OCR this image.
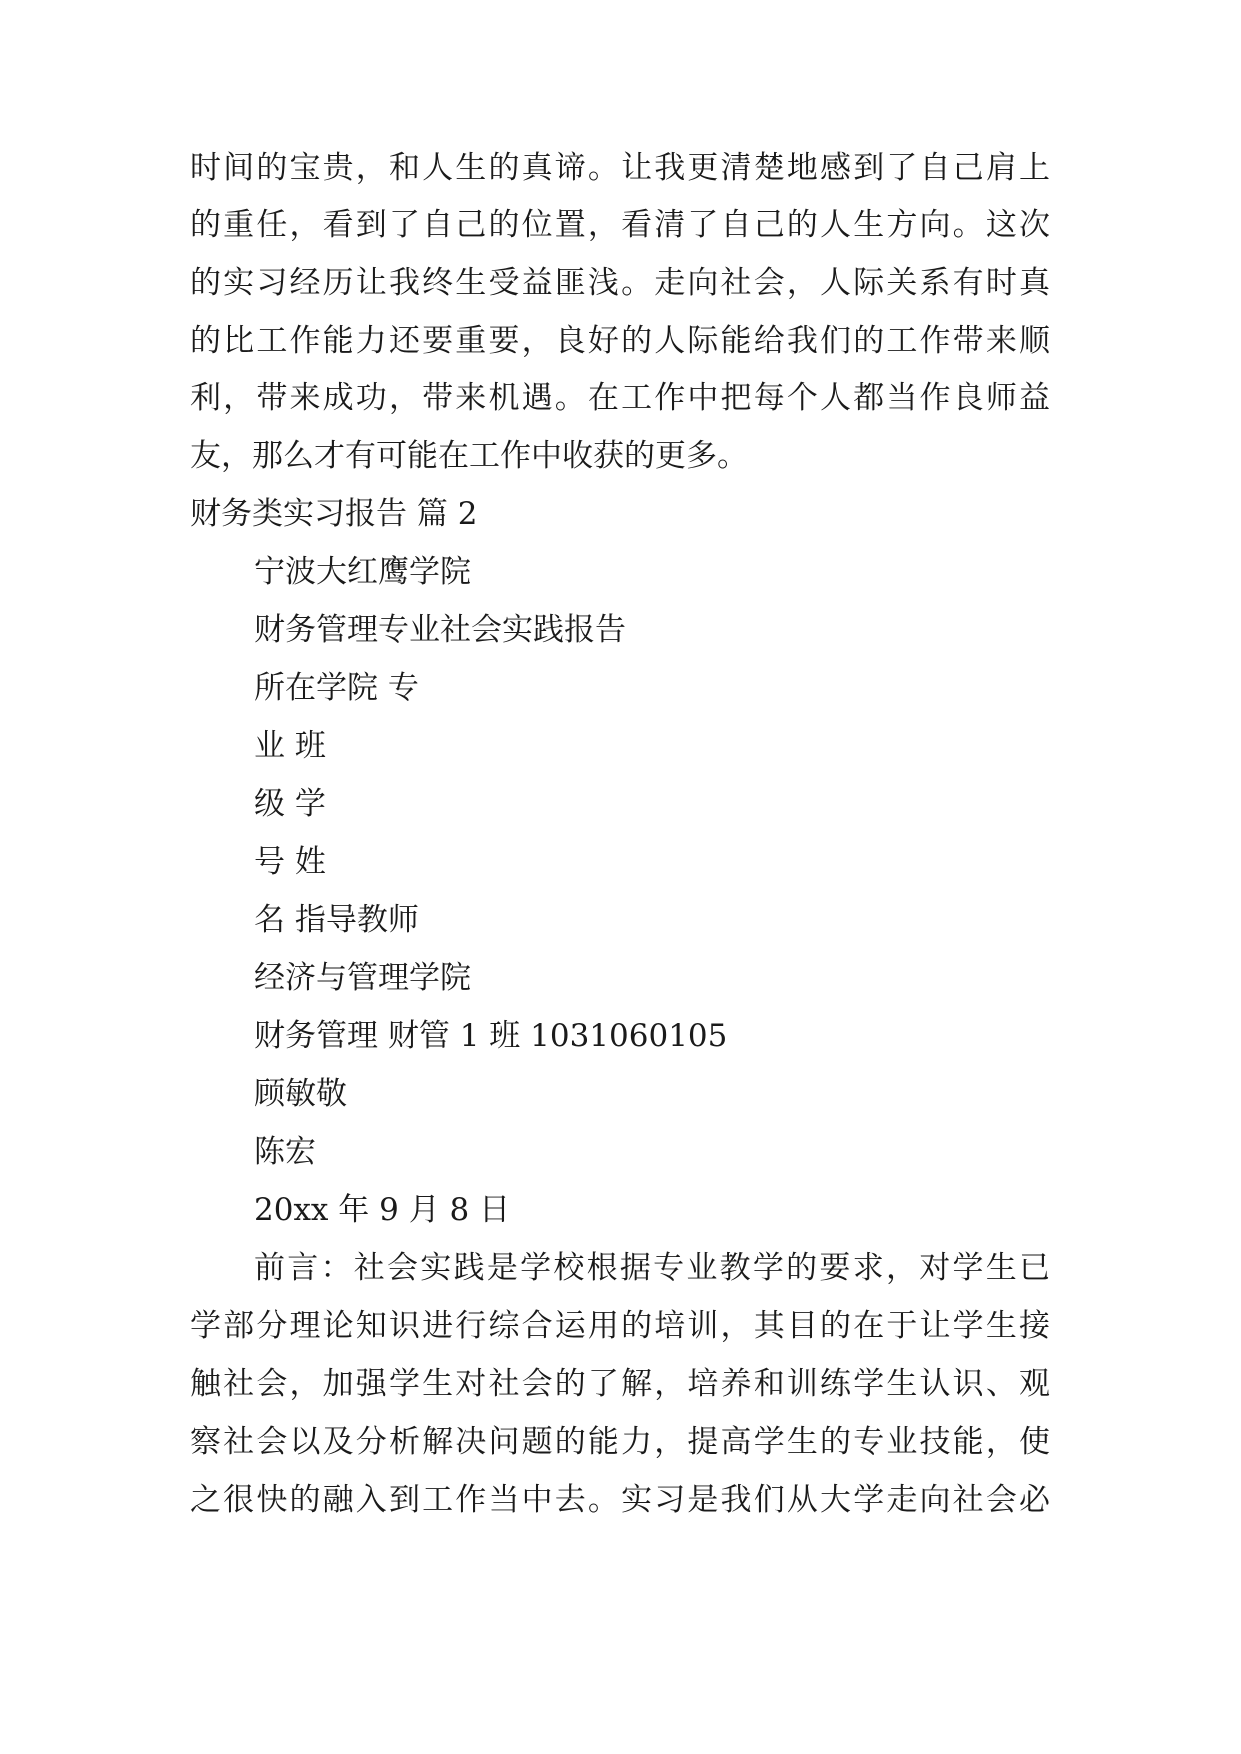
时间的宝贵，和人生的真谛。让我更清楚地感到了自己肩上
的重任，看到了自己的位置，看清了自己的人生方向。这次
的实习经历让我终生受益匪浅。走向社会，人际关系有时真
的比工作能力还要重要，良好的人际能给我们的工作带来顺
利，带来成功，带来机遇。在工作中把每个人都当作良师益
友，那么才有可能在工作中收获的更多。
财务类实习报告 篇 2
宁波大红鹰学院
财务管理专业社会实践报告
所在学院 专
业 班
级 学
号 姓
名 指导教师
经济与管理学院
财务管理 财管 1 班 1031060105
顾敏敬
陈宏
20xx 年 9 月 8 日
前言：社会实践是学校根据专业教学的要求，对学生已
学部分理论知识进行综合运用的培训，其目的在于让学生接
触社会，加强学生对社会的了解，培养和训练学生认识、观
察社会以及分析解决问题的能力，提高学生的专业技能，使
之很快的融入到工作当中去。实习是我们从大学走向社会必
